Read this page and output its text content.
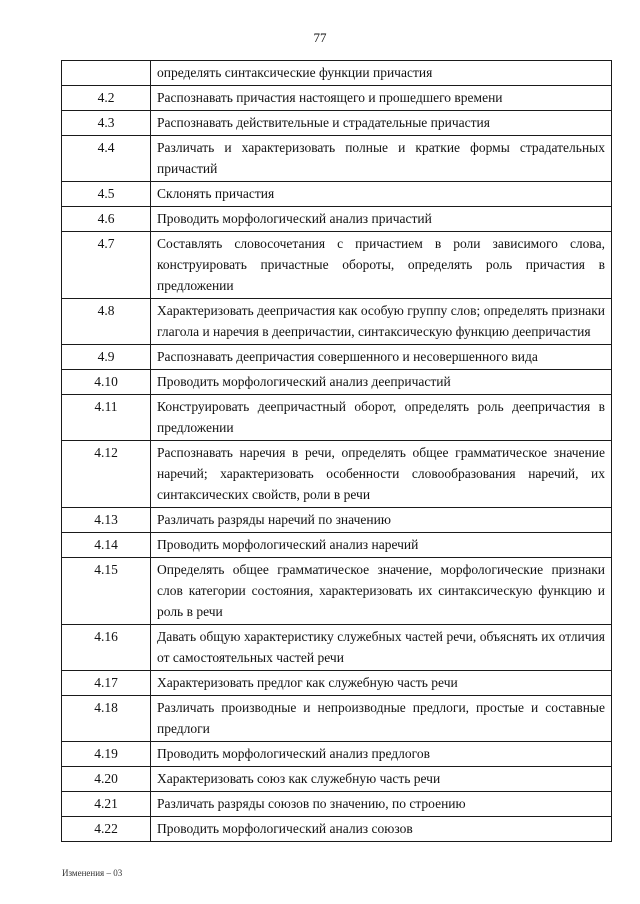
77
	определять синтаксические функции причастия
4.2	Распознавать причастия настоящего и прошедшего времени
4.3	Распознавать действительные и страдательные причастия
4.4	Различать и характеризовать полные и краткие формы страдательных причастий
4.5	Склонять причастия
4.6	Проводить морфологический анализ причастий
4.7	Составлять словосочетания с причастием в роли зависимого слова, конструировать причастные обороты, определять роль причастия в предложении
4.8	Характеризовать деепричастия как особую группу слов; определять признаки глагола и наречия в деепричастии, синтаксическую функцию деепричастия
4.9	Распознавать деепричастия совершенного и несовершенного вида
4.10	Проводить морфологический анализ деепричастий
4.11	Конструировать деепричастный оборот, определять роль деепричастия в предложении
4.12	Распознавать наречия в речи, определять общее грамматическое значение наречий; характеризовать особенности словообразования наречий, их синтаксических свойств, роли в речи
4.13	Различать разряды наречий по значению
4.14	Проводить морфологический анализ наречий
4.15	Определять общее грамматическое значение, морфологические признаки слов категории состояния, характеризовать их синтаксическую функцию и роль в речи
4.16	Давать общую характеристику служебных частей речи, объяснять их отличия от самостоятельных частей речи
4.17	Характеризовать предлог как служебную часть речи
4.18	Различать производные и непроизводные предлоги, простые и составные предлоги
4.19	Проводить морфологический анализ предлогов
4.20	Характеризовать союз как служебную часть речи
4.21	Различать разряды союзов по значению, по строению
4.22	Проводить морфологический анализ союзов
Изменения – 03
